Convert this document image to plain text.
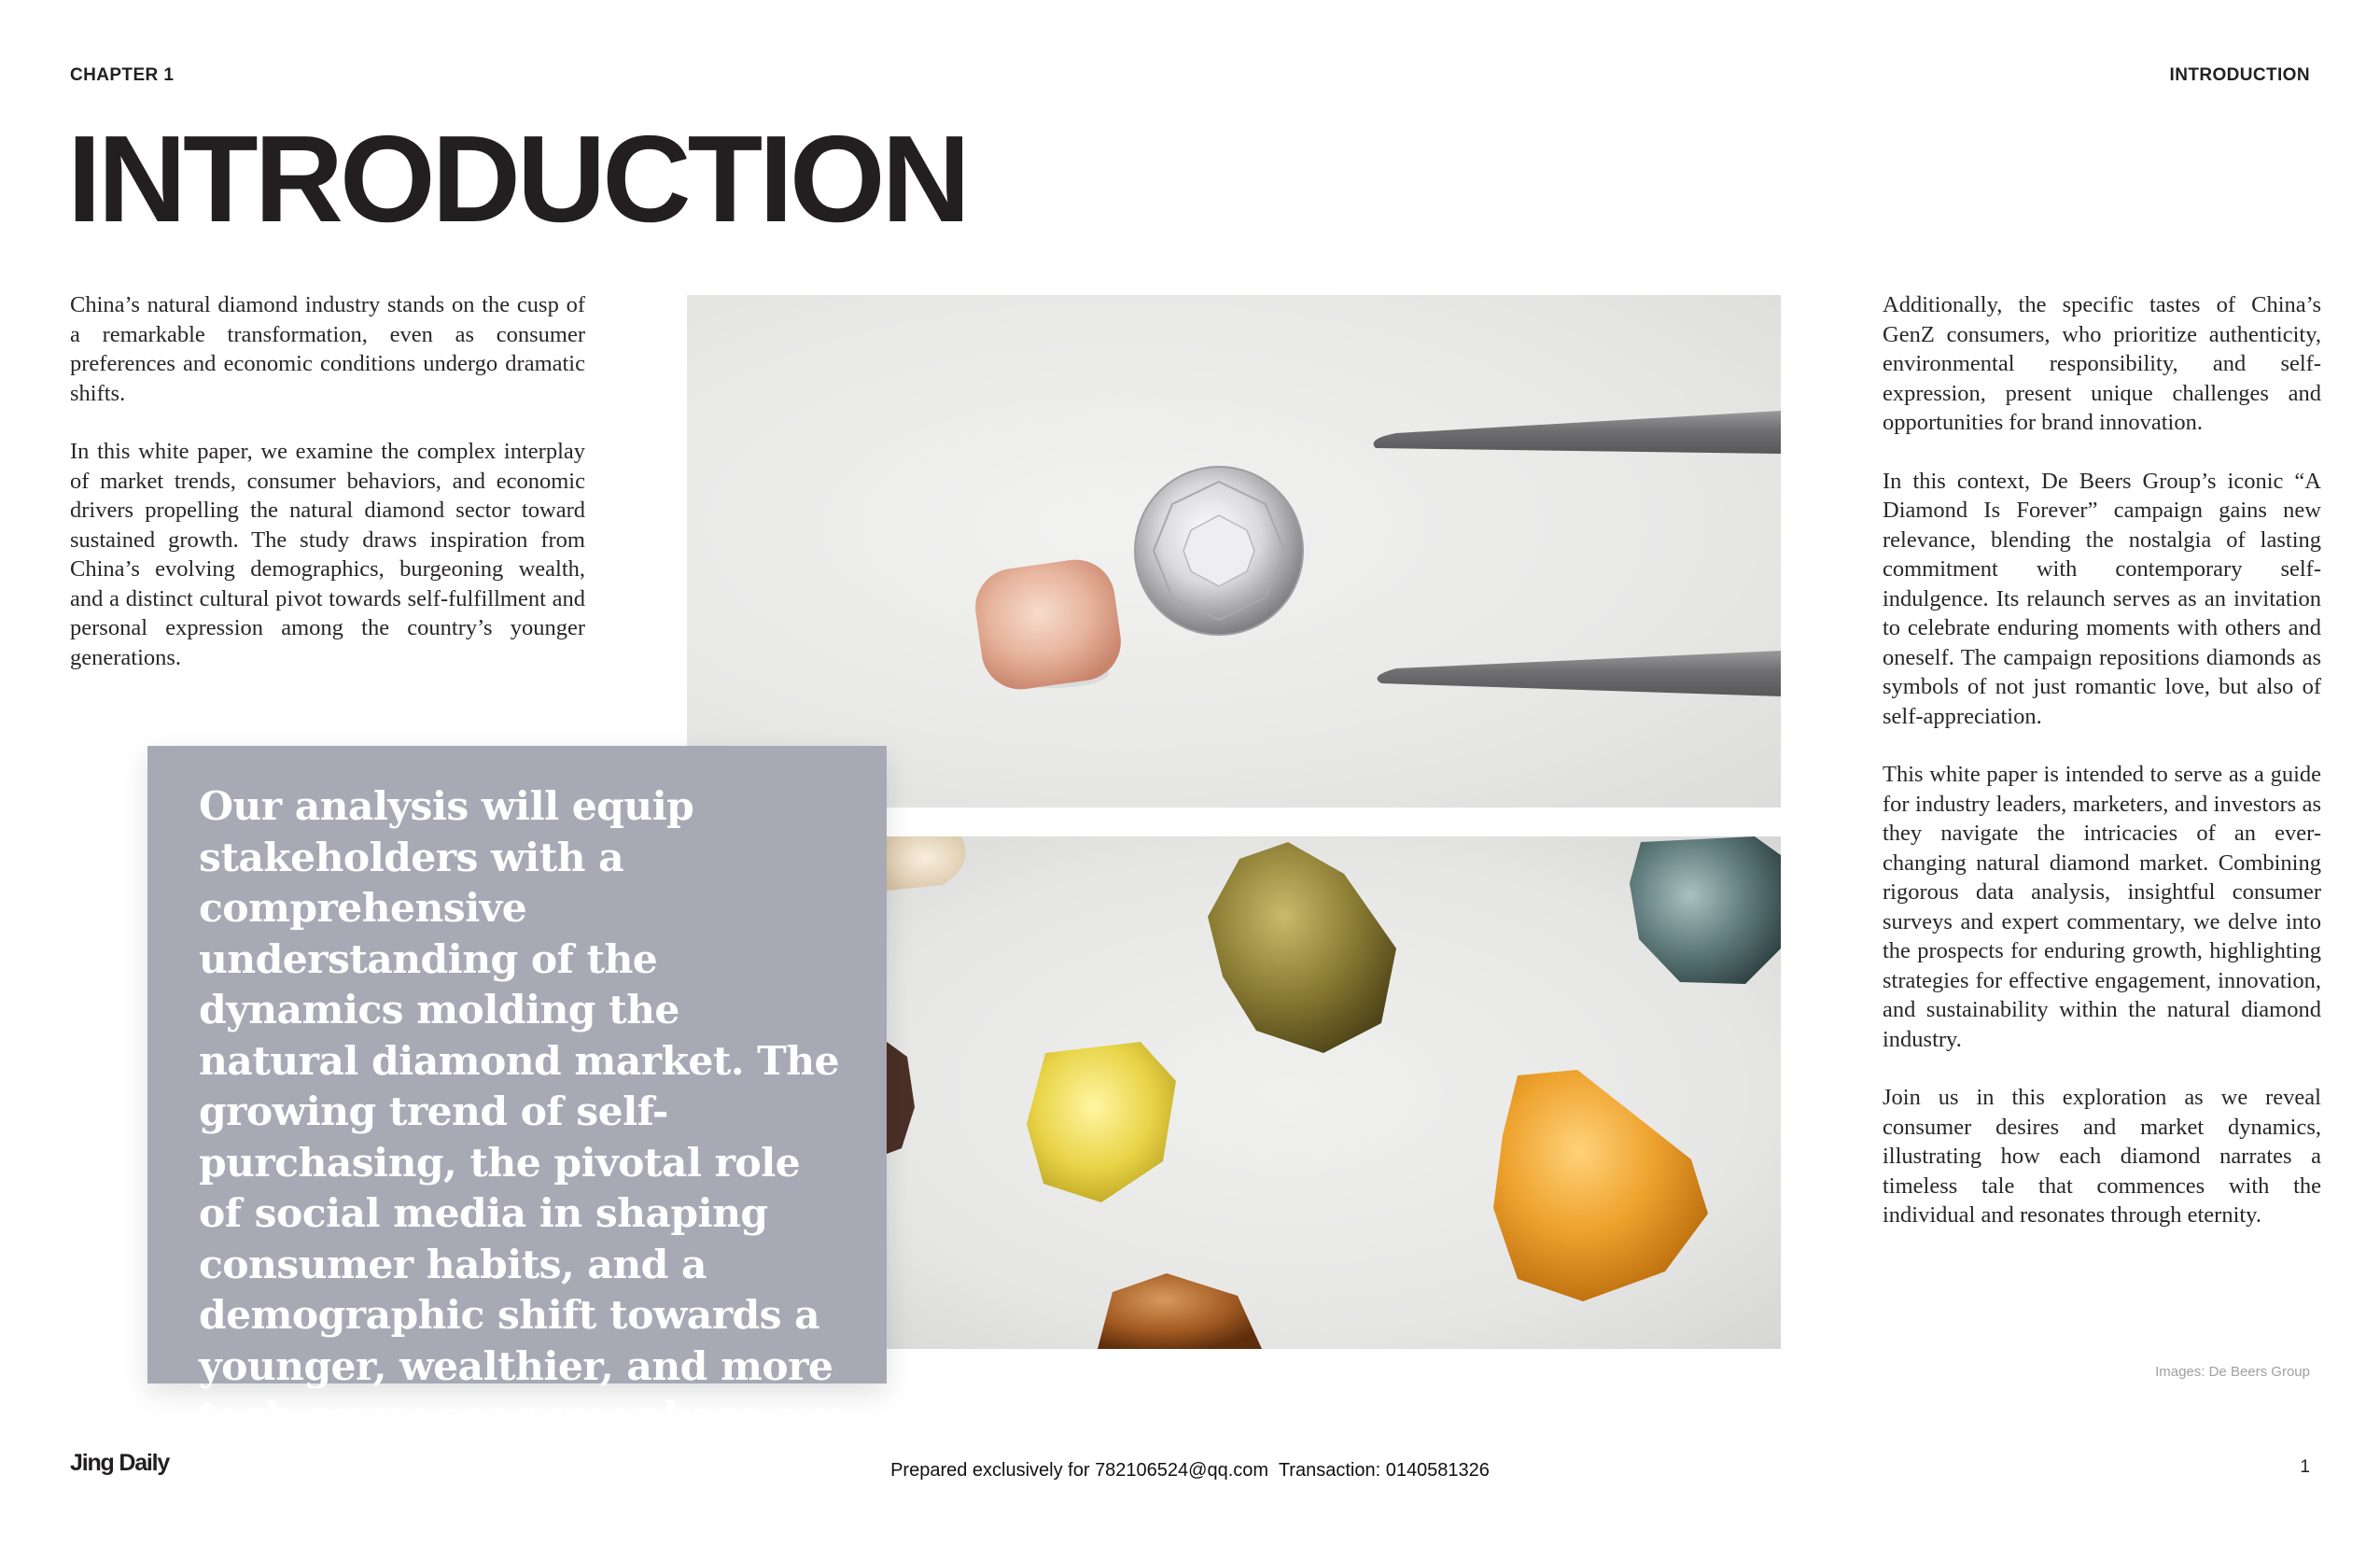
CHAPTER 1	INTRODUCTION
INTRODUCTION

China’s natural diamond industry stands on the cusp of a remarkable transformation, even as consumer preferences and economic conditions undergo dramatic shifts.

In this white paper, we examine the complex interplay of market trends, consumer behaviors, and economic drivers propelling the natural diamond sector toward sustained growth. The study draws inspiration from China’s evolving demographics, burgeoning wealth, and a distinct cultural pivot towards self-fulfillment and personal expression among the country’s younger generations.

Our analysis will equip stakeholders with a comprehensive understanding of the dynamics molding the natural diamond market. The growing trend of self-purchasing, the pivotal role of social media in shaping consumer habits, and a demographic shift towards a younger, wealthier, and more tech-savvy consumer base are redefining the industry’s contours.

Additionally, the specific tastes of China’s GenZ consumers, who prioritize authenticity, environmental responsibility, and self-expression, present unique challenges and opportunities for brand innovation.

In this context, De Beers Group’s iconic “A Diamond Is Forever” campaign gains new relevance, blending the nostalgia of lasting commitment with contemporary self-indulgence. Its relaunch serves as an invitation to celebrate enduring moments with others and oneself. The campaign repositions diamonds as symbols of not just romantic love, but also of self-appreciation.

This white paper is intended to serve as a guide for industry leaders, marketers, and investors as they navigate the intricacies of an ever-changing natural diamond market. Combining rigorous data analysis, insightful consumer surveys and expert commentary, we delve into the prospects for enduring growth, highlighting strategies for effective engagement, innovation, and sustainability within the natural diamond industry.

Join us in this exploration as we reveal consumer desires and market dynamics, illustrating how each diamond narrates a timeless tale that commences with the individual and resonates through eternity.

Images: De Beers Group
Jing Daily	Prepared exclusively for 782106524@qq.com Transaction: 0140581326	1
